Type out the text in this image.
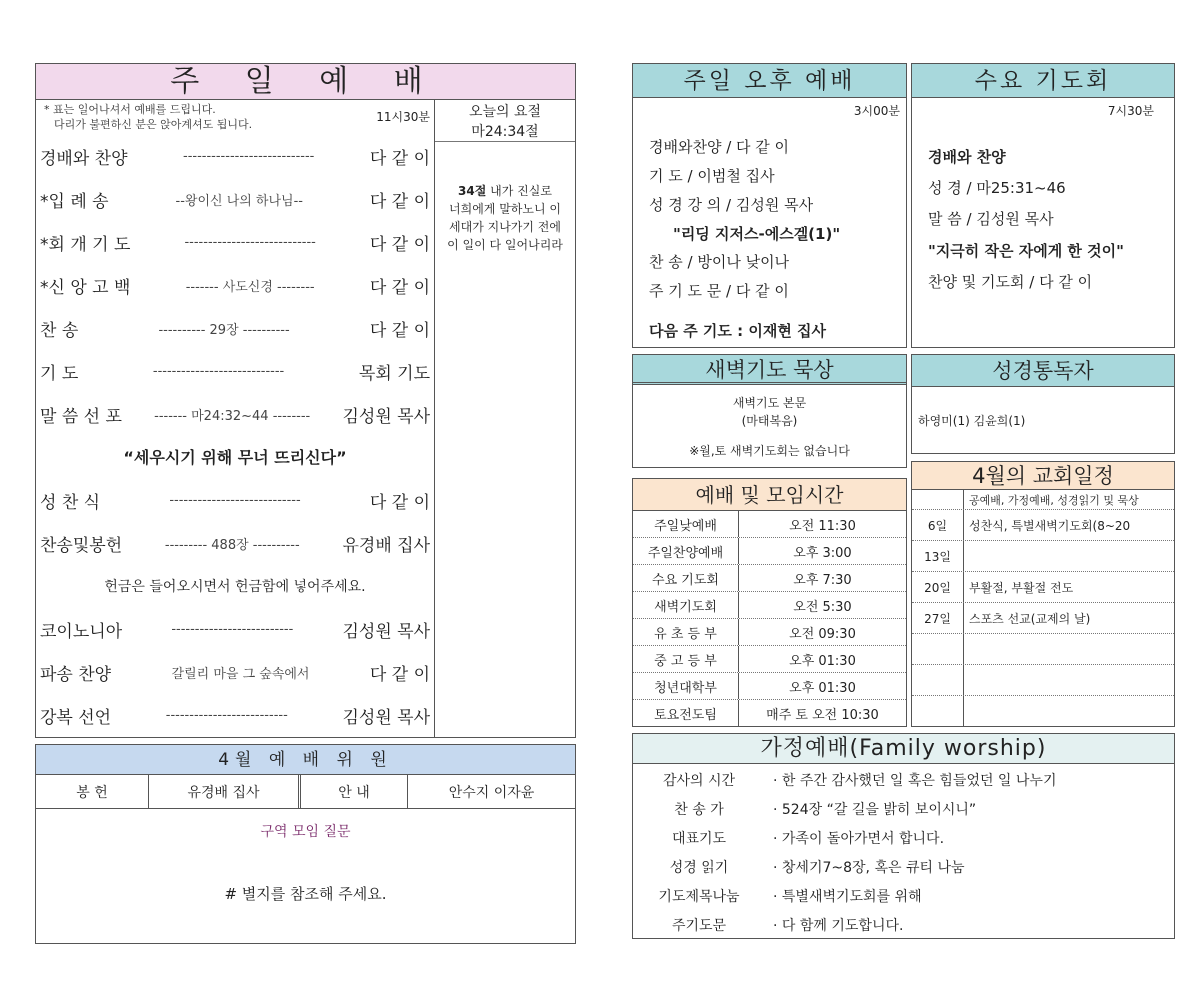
주 일 예 배
* 표는 일어나셔서 예배를 드립니다.
다리가 불편하신 분은 앉아계셔도 됩니다.
11시30분
경배와 찬양	----------------------------	다 같 이
*입 례 송	--왕이신 나의 하나님--	다 같 이
*회 개 기 도	----------------------------	다 같 이
*신 앙 고 백	------- 사도신경 --------	다 같 이
찬 송	---------- 29장 ----------	다 같 이
기 도	----------------------------	목회 기도
말 씀 선 포	------- 마24:32~44 --------	김성원 목사
“세우시기 위해 무너 뜨리신다”
성 찬 식	----------------------------	다 같 이
찬송및봉헌	--------- 488장 ----------	유경배 집사
헌금은 들어오시면서 헌금함에 넣어주세요.
코이노니아	--------------------------	김성원 목사
파송 찬양	갈릴리 마을 그 숲속에서	다 같 이
강복 선언	--------------------------	김성원 목사
오늘의 요절
마24:34절
34절 내가 진실로
너희에게 말하노니 이
세대가 지나가기 전에
이 일이 다 일어나리라
4월 예 배 위 원
봉 헌	유경배 집사	안 내	안수지 이자윤
구역 모임 질문
# 별지를 참조해 주세요.
주일 오후 예배
3시00분
경배와찬양 / 다 같 이
기 도 / 이범철 집사
성 경 강 의 / 김성원 목사
"리딩 지저스-에스겔(1)"
찬 송 / 방이나 낮이나
주 기 도 문 / 다 같 이
다음 주 기도 : 이재현 집사
수요 기도회
7시30분
경배와 찬양
성 경 / 마25:31~46
말 씀 / 김성원 목사
"지극히 작은 자에게 한 것이"
찬양 및 기도회 / 다 같 이
새벽기도 묵상
새벽기도 본문
(마태복음)
※월,토 새벽기도회는 없습니다
성경통독자
하영미(1) 김윤희(1)
4월의 교회일정
공예배, 가정예배, 성경읽기 및 묵상
6일	성찬식, 특별새벽기도회(8~20
13일
20일	부활절, 부활절 전도
27일	스포츠 선교(교제의 날)
예배 및 모임시간
주일낮예배	오전 11:30
주일찬양예배	오후 3:00
수요 기도회	오후 7:30
새벽기도회	오전 5:30
유 초 등 부	오전 09:30
중 고 등 부	오후 01:30
청년대학부	오후 01:30
토요전도팀	매주 토 오전 10:30
가정예배(Family worship)
감사의 시간	· 한 주간 감사했던 일 혹은 힘들었던 일 나누기
찬 송 가	· 524장 “갈 길을 밝히 보이시니”
대표기도	· 가족이 돌아가면서 합니다.
성경 읽기	· 창세기7~8장, 혹은 큐티 나눔
기도제목나눔	· 특별새벽기도회를 위해
주기도문	· 다 함께 기도합니다.
